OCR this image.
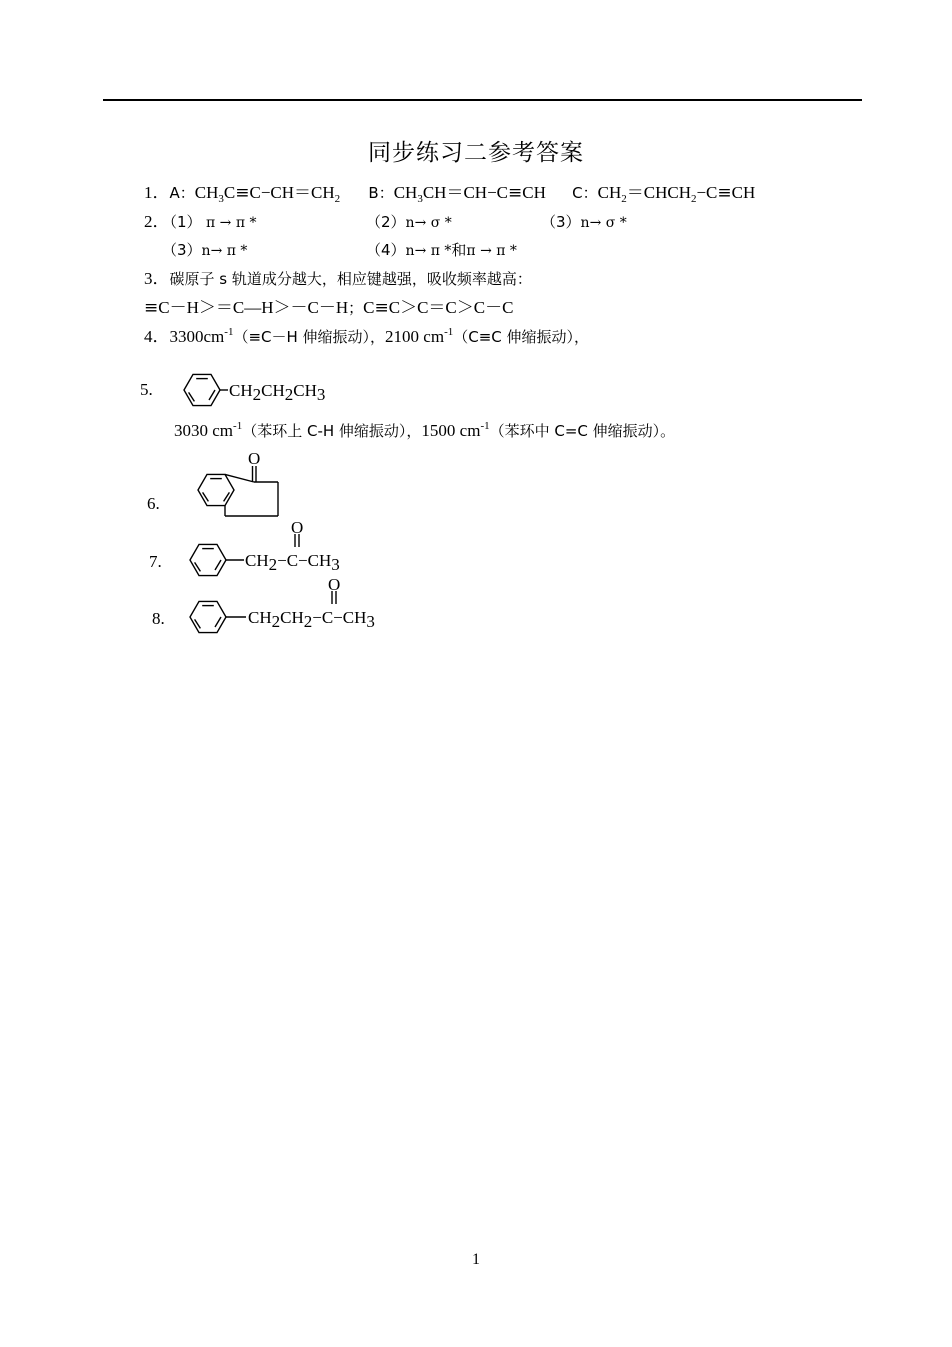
同步练习二参考答案
1．A：$CH_3C\equiv C-CH=CH_2$ B：$CH_3CH=CH-C\equiv CH$ C：$CH_2=CHCH_2-C\equiv CH$
2．（1） π → π *	（2）n→ σ *	（3）n→ σ *
（3）n→ π *	（4）n→ π *和π → π *
3．碳原子 s 轨道成分越大，相应键越强，吸收频率越高：
≡C－H＞＝C—H＞－C－H；C≡C＞C＝C＞C－C
4．$3300cm^{-1}(\equiv C-H$ 伸缩振动），2100 $cm^{-1}(C\equiv C$ 伸缩振动），
5.	CH2CH2CH3
3030 $cm^{-1}$（苯环上 C-H 伸缩振动），1500 $cm^{-1}$（苯环中 C=C 伸缩振动）。
6.
O
7.	CH2−C−CH3
O
8.	CH2CH2−C−CH3
O
1
